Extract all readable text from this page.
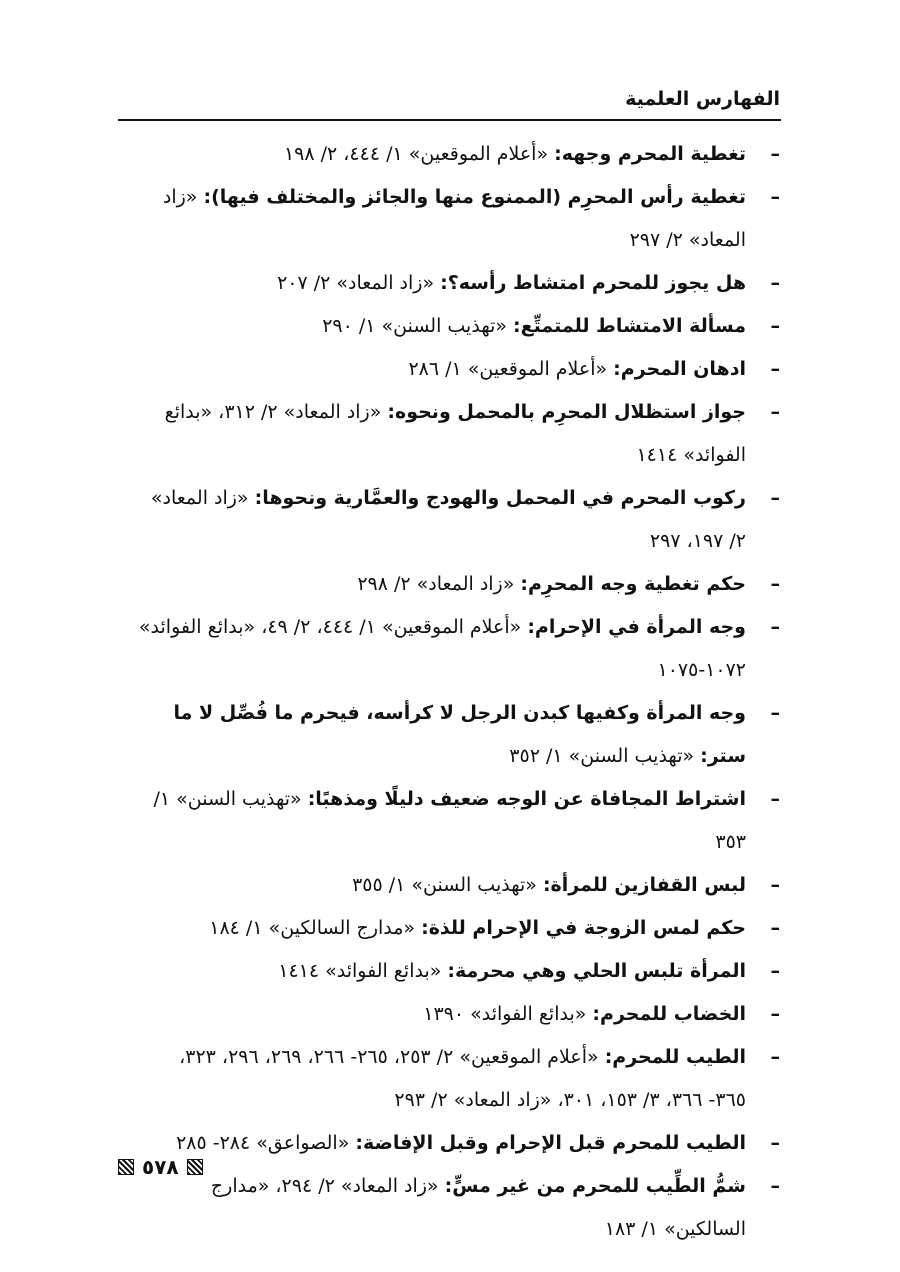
الفهارس العلمية
–
تغطية المحرم وجهه: «أعلام الموقعين» ١/ ٤٤٤، ٢/ ١٩٨
–
تغطية رأس المحرِم (الممنوع منها والجائز والمختلف فيها): «زاد المعاد» ٢/ ٢٩٧
–
هل يجوز للمحرم امتشاط رأسه؟: «زاد المعاد» ٢/ ٢٠٧
–
مسألة الامتشاط للمتمتِّع: «تهذيب السنن» ١/ ٢٩٠
–
ادهان المحرم: «أعلام الموقعين» ١/ ٢٨٦
–
جواز استظلال المحرِم بالمحمل ونحوه: «زاد المعاد» ٢/ ٣١٢، «بدائع الفوائد» ١٤١٤
–
ركوب المحرم في المحمل والهودج والعمَّارية ونحوها: «زاد المعاد» ٢/ ١٩٧، ٢٩٧
–
حكم تغطية وجه المحرِم: «زاد المعاد» ٢/ ٢٩٨
–
وجه المرأة في الإحرام: «أعلام الموقعين» ١/ ٤٤٤، ٢/ ٤٩، «بدائع الفوائد» ١٠٧٢-١٠٧٥
–
وجه المرأة وكفيها كبدن الرجل لا كرأسه، فيحرم ما فُصِّل لا ما ستر: «تهذيب السنن» ١/ ٣٥٢
–
اشتراط المجافاة عن الوجه ضعيف دليلًا ومذهبًا: «تهذيب السنن» ١/ ٣٥٣
–
لبس القفازين للمرأة: «تهذيب السنن» ١/ ٣٥٥
–
حكم لمس الزوجة في الإحرام للذة: «مدارج السالكين» ١/ ١٨٤
–
المرأة تلبس الحلي وهي محرمة: «بدائع الفوائد» ١٤١٤
–
الخضاب للمحرم: «بدائع الفوائد» ١٣٩٠
–
الطيب للمحرم: «أعلام الموقعين» ٢/ ٢٥٣، ٢٦٥- ٢٦٦، ٢٦٩، ٢٩٦، ٣٢٣، ٣٦٥- ٣٦٦، ٣/ ١٥٣، ٣٠١، «زاد المعاد» ٢/ ٢٩٣
–
الطيب للمحرم قبل الإحرام وقبل الإفاضة: «الصواعق» ٢٨٤- ٢٨٥
–
شمُّ الطِّيب للمحرم من غير مسٍّ: «زاد المعاد» ٢/ ٢٩٤، «مدارج السالكين» ١/ ١٨٣
٥٧٨
